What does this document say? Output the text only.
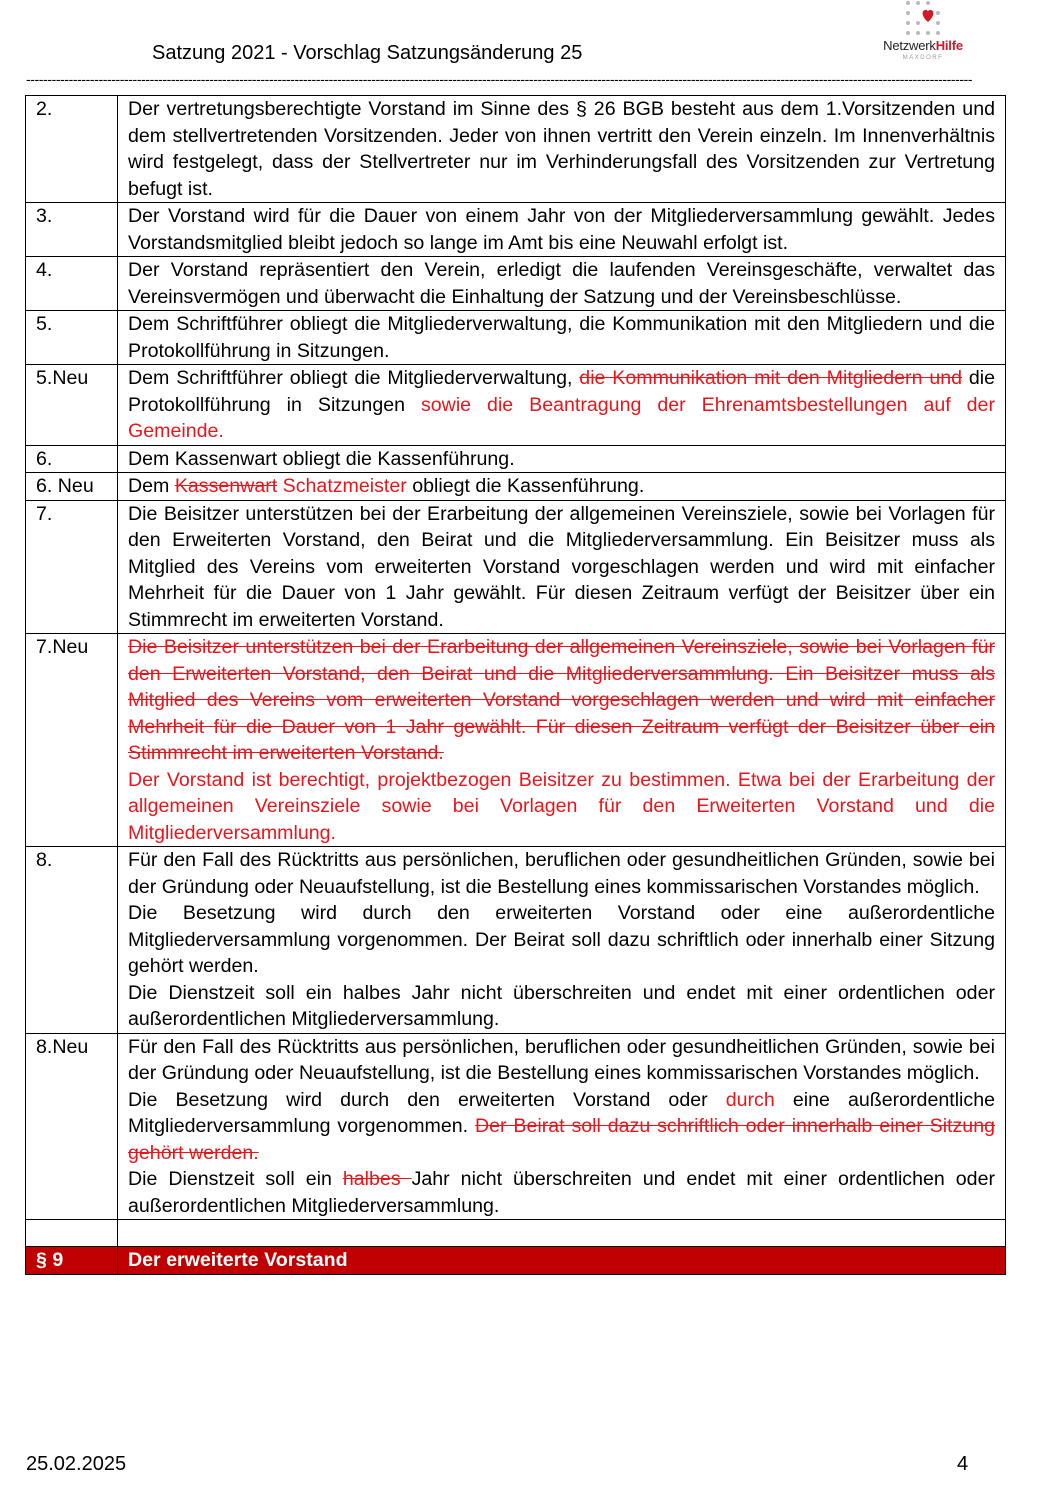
Satzung 2021 - Vorschlag Satzungsänderung 25	NetzwerkHilfe
MAXDORF
------------------------------------------------------------------------------------------------------------------------------------------------------------------------------------------------------------------------------
2.	Der vertretungsberechtigte Vorstand im Sinne des § 26 BGB besteht aus dem 1.Vorsitzenden und dem stellvertretenden Vorsitzenden. Jeder von ihnen vertritt den Verein einzeln. Im Innenverhältnis wird festgelegt, dass der Stellvertreter nur im Verhinderungsfall des Vorsitzenden zur Vertretung befugt ist.
3.	Der Vorstand wird für die Dauer von einem Jahr von der Mitgliederversammlung gewählt. Jedes Vorstandsmitglied bleibt jedoch so lange im Amt bis eine Neuwahl erfolgt ist.
4.	Der Vorstand repräsentiert den Verein, erledigt die laufenden Vereinsgeschäfte, verwaltet das Vereinsvermögen und überwacht die Einhaltung der Satzung und der Vereinsbeschlüsse.
5.	Dem Schriftführer obliegt die Mitgliederverwaltung, die Kommunikation mit den Mitgliedern und die Protokollführung in Sitzungen.
5.Neu	Dem Schriftführer obliegt die Mitgliederverwaltung, die Kommunikation mit den Mitgliedern und die Protokollführung in Sitzungen sowie die Beantragung der Ehrenamtsbestellungen auf der Gemeinde.
6.	Dem Kassenwart obliegt die Kassenführung.
6. Neu	Dem Kassenwart Schatzmeister obliegt die Kassenführung.
7.	Die Beisitzer unterstützen bei der Erarbeitung der allgemeinen Vereinsziele, sowie bei Vorlagen für den Erweiterten Vorstand, den Beirat und die Mitgliederversammlung. Ein Beisitzer muss als Mitglied des Vereins vom erweiterten Vorstand vorgeschlagen werden und wird mit einfacher Mehrheit für die Dauer von 1 Jahr gewählt. Für diesen Zeitraum verfügt der Beisitzer über ein Stimmrecht im erweiterten Vorstand.
7.Neu	Die Beisitzer unterstützen bei der Erarbeitung der allgemeinen Vereinsziele, sowie bei Vorlagen für den Erweiterten Vorstand, den Beirat und die Mitgliederversammlung. Ein Beisitzer muss als Mitglied des Vereins vom erweiterten Vorstand vorgeschlagen werden und wird mit einfacher Mehrheit für die Dauer von 1 Jahr gewählt. Für diesen Zeitraum verfügt der Beisitzer über ein Stimmrecht im erweiterten Vorstand.
Der Vorstand ist berechtigt, projektbezogen Beisitzer zu bestimmen. Etwa bei der Erarbeitung der allgemeinen Vereinsziele sowie bei Vorlagen für den Erweiterten Vorstand und die Mitgliederversammlung.
8.	Für den Fall des Rücktritts aus persönlichen, beruflichen oder gesundheitlichen Gründen, sowie bei der Gründung oder Neuaufstellung, ist die Bestellung eines kommissarischen Vorstandes möglich.
Die Besetzung wird durch den erweiterten Vorstand oder eine außerordentliche Mitgliederversammlung vorgenommen. Der Beirat soll dazu schriftlich oder innerhalb einer Sitzung gehört werden.
Die Dienstzeit soll ein halbes Jahr nicht überschreiten und endet mit einer ordentlichen oder außerordentlichen Mitgliederversammlung.
8.Neu	Für den Fall des Rücktritts aus persönlichen, beruflichen oder gesundheitlichen Gründen, sowie bei der Gründung oder Neuaufstellung, ist die Bestellung eines kommissarischen Vorstandes möglich.
Die Besetzung wird durch den erweiterten Vorstand oder durch eine außerordentliche Mitgliederversammlung vorgenommen. Der Beirat soll dazu schriftlich oder innerhalb einer Sitzung gehört werden.
Die Dienstzeit soll ein halbes Jahr nicht überschreiten und endet mit einer ordentlichen oder außerordentlichen Mitgliederversammlung.

§ 9	Der erweiterte Vorstand
25.02.2025	4
